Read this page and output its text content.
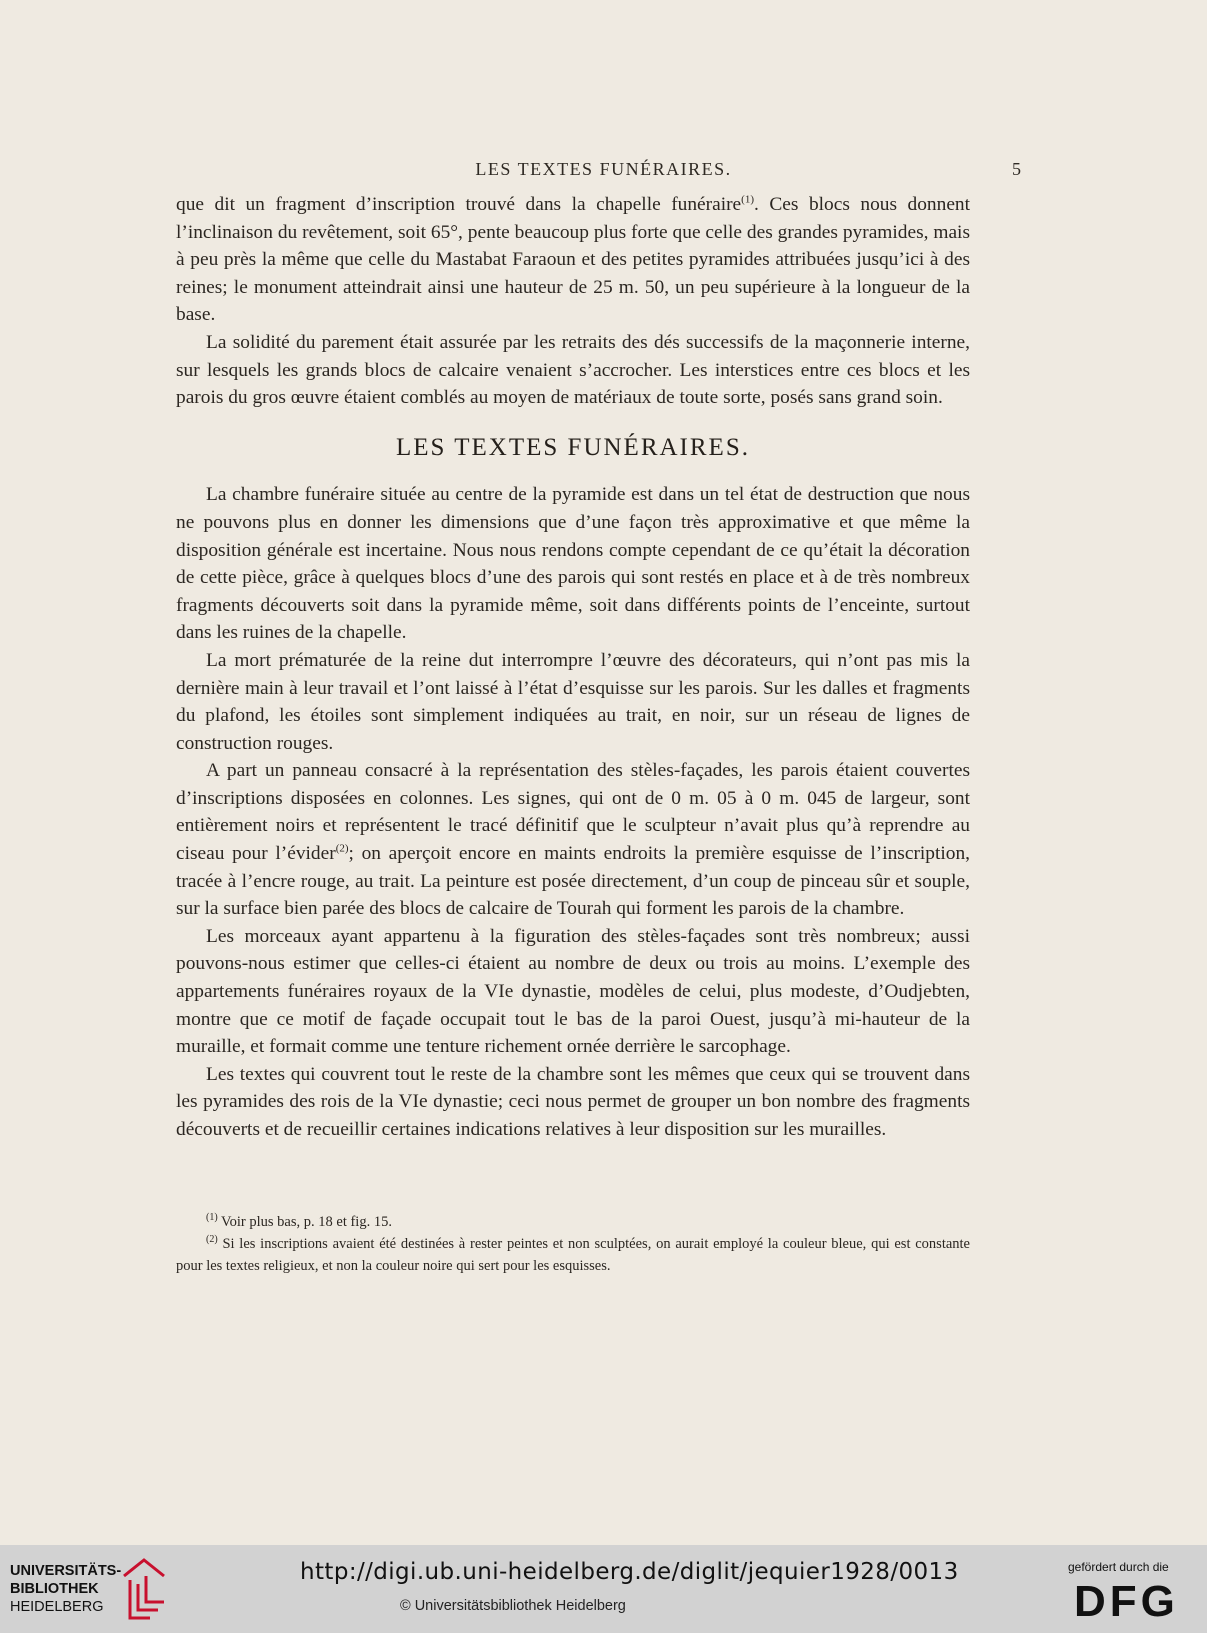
LES TEXTES FUNÉRAIRES.	5

que dit un fragment d’inscription trouvé dans la chapelle funéraire$^{(1)}$. Ces blocs nous donnent l’inclinaison du revêtement, soit 65°, pente beaucoup plus forte que celle des grandes pyramides, mais à peu près la même que celle du Mastabat Faraoun et des petites pyramides attribuées jusqu’ici à des reines; le monument atteindrait ainsi une hauteur de 25 m. 50, un peu supérieure à la longueur de la base.

La solidité du parement était assurée par les retraits des dés successifs de la maçonnerie interne, sur lesquels les grands blocs de calcaire venaient s’accrocher. Les interstices entre ces blocs et les parois du gros œuvre étaient comblés au moyen de matériaux de toute sorte, posés sans grand soin.

LES TEXTES FUNÉRAIRES.

La chambre funéraire située au centre de la pyramide est dans un tel état de destruction que nous ne pouvons plus en donner les dimensions que d’une façon très approximative et que même la disposition générale est incertaine. Nous nous rendons compte cependant de ce qu’était la décoration de cette pièce, grâce à quelques blocs d’une des parois qui sont restés en place et à de très nombreux fragments découverts soit dans la pyramide même, soit dans différents points de l’enceinte, surtout dans les ruines de la chapelle.

La mort prématurée de la reine dut interrompre l’œuvre des décorateurs, qui n’ont pas mis la dernière main à leur travail et l’ont laissé à l’état d’esquisse sur les parois. Sur les dalles et fragments du plafond, les étoiles sont simplement indiquées au trait, en noir, sur un réseau de lignes de construction rouges.

A part un panneau consacré à la représentation des stèles-façades, les parois étaient couvertes d’inscriptions disposées en colonnes. Les signes, qui ont de 0 m. 05 à 0 m. 045 de largeur, sont entièrement noirs et représentent le tracé définitif que le sculpteur n’avait plus qu’à reprendre au ciseau pour l’évider$^{(2)}$; on aperçoit encore en maints endroits la première esquisse de l’inscription, tracée à l’encre rouge, au trait. La peinture est posée directement, d’un coup de pinceau sûr et souple, sur la surface bien parée des blocs de calcaire de Tourah qui forment les parois de la chambre.

Les morceaux ayant appartenu à la figuration des stèles-façades sont très nombreux; aussi pouvons-nous estimer que celles-ci étaient au nombre de deux ou trois au moins. L’exemple des appartements funéraires royaux de la VIe dynastie, modèles de celui, plus modeste, d’Oudjebten, montre que ce motif de façade occupait tout le bas de la paroi Ouest, jusqu’à mi-hauteur de la muraille, et formait comme une tenture richement ornée derrière le sarcophage.

Les textes qui couvrent tout le reste de la chambre sont les mêmes que ceux qui se trouvent dans les pyramides des rois de la VIe dynastie; ceci nous permet de grouper un bon nombre des fragments découverts et de recueillir certaines indications relatives à leur disposition sur les murailles.

$^{(1)}$ Voir plus bas, p. 18 et fig. 15.

$^{(2)}$ Si les inscriptions avaient été destinées à rester peintes et non sculptées, on aurait employé la couleur bleue, qui est constante pour les textes religieux, et non la couleur noire qui sert pour les esquisses.

UNIVERSITÄTS-
BIBLIOTHEK
HEIDELBERG
http://digi.ub.uni-heidelberg.de/diglit/jequier1928/0013
© Universitätsbibliothek Heidelberg
gefördert durch die
DFG
